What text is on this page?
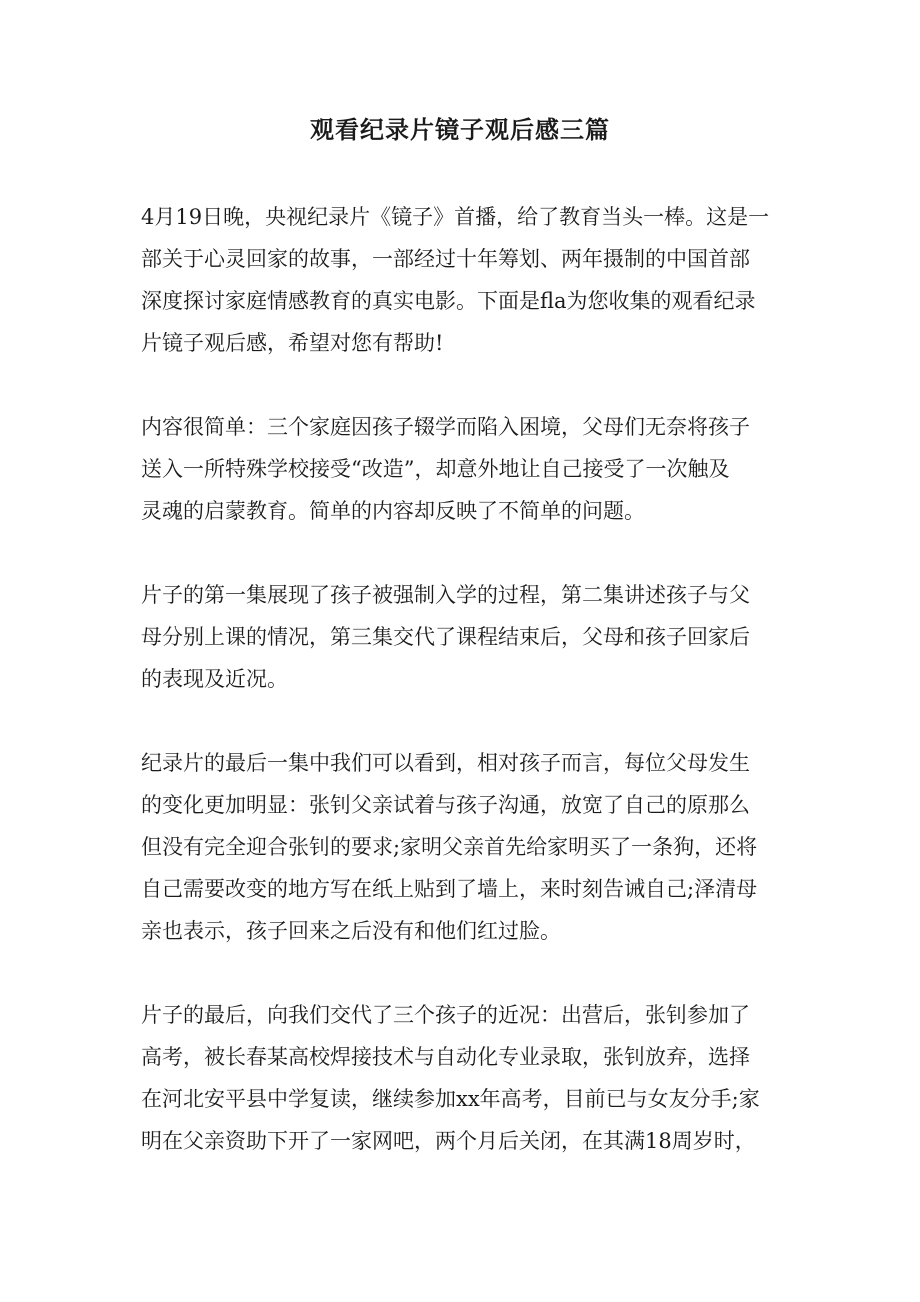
观看纪录片镜子观后感三篇
4月19日晚，央视纪录片《镜子》首播，给了教育当头一棒。这是一
部关于心灵回家的故事，一部经过十年筹划、两年摄制的中国首部
深度探讨家庭情感教育的真实电影。下面是fla为您收集的观看纪录
片镜子观后感，希望对您有帮助!
内容很简单：三个家庭因孩子辍学而陷入困境，父母们无奈将孩子
送入一所特殊学校接受“改造”，却意外地让自己接受了一次触及
灵魂的启蒙教育。简单的内容却反映了不简单的问题。
片子的第一集展现了孩子被强制入学的过程，第二集讲述孩子与父
母分别上课的情况，第三集交代了课程结束后，父母和孩子回家后
的表现及近况。
纪录片的最后一集中我们可以看到，相对孩子而言，每位父母发生
的变化更加明显：张钊父亲试着与孩子沟通，放宽了自己的原那么
但没有完全迎合张钊的要求;家明父亲首先给家明买了一条狗，还将
自己需要改变的地方写在纸上贴到了墙上，来时刻告诫自己;泽清母
亲也表示，孩子回来之后没有和他们红过脸。
片子的最后，向我们交代了三个孩子的近况：出营后，张钊参加了
高考，被长春某高校焊接技术与自动化专业录取，张钊放弃，选择
在河北安平县中学复读，继续参加xx年高考，目前已与女友分手;家
明在父亲资助下开了一家网吧，两个月后关闭，在其满18周岁时，
